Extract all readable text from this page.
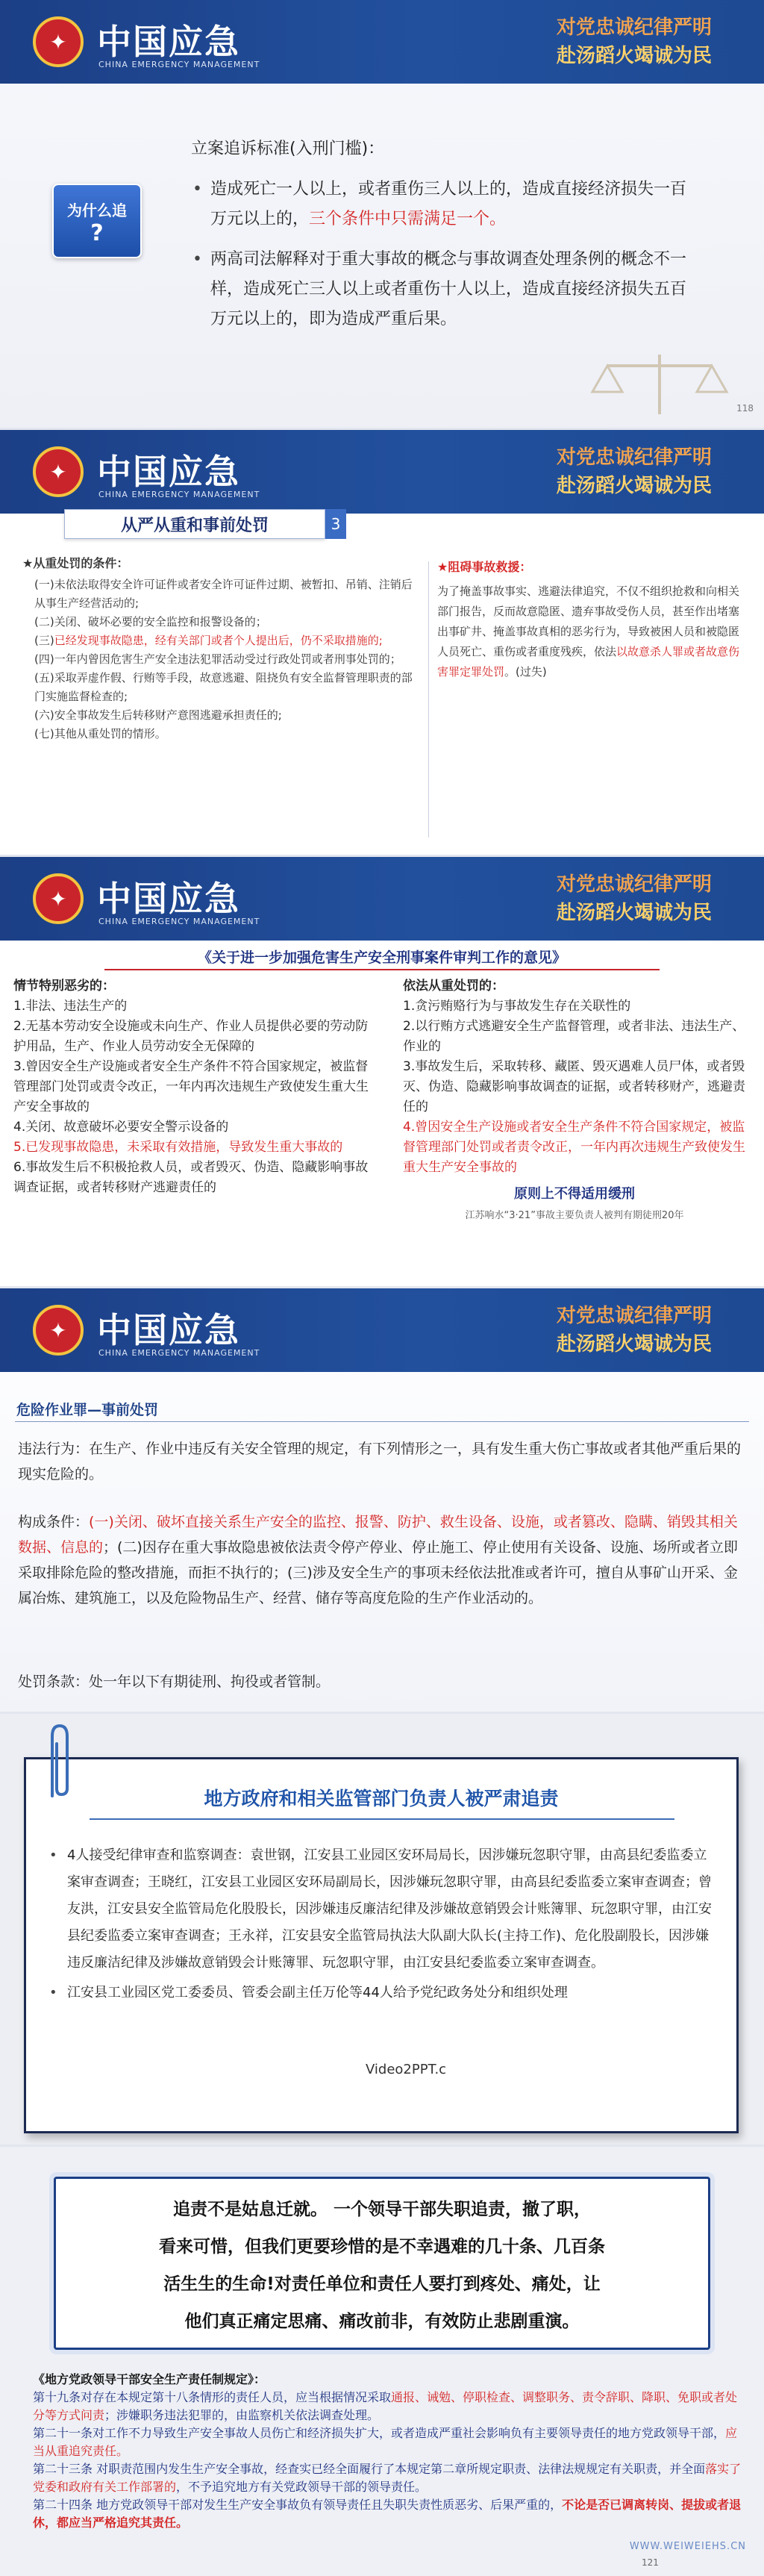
✦ 中国应急
CHINA EMERGENCY MANAGEMENT
对党忠诚纪律严明
赴汤蹈火竭诚为民
为什么追
?
立案追诉标准(入刑门槛)：
• 造成死亡一人以上，或者重伤三人以上的，造成直接经济损失一百万元以上的，三个条件中只需满足一个。
• 两高司法解释对于重大事故的概念与事故调查处理条例的概念不一样，造成死亡三人以上或者重伤十人以上，造成直接经济损失五百万元以上的，即为造成严重后果。
118
✦ 中国应急
CHINA EMERGENCY MANAGEMENT
对党忠诚纪律严明
赴汤蹈火竭诚为民
从严从重和事前处罚	3
★从重处罚的条件：
(一)未依法取得安全许可证件或者安全许可证件过期、被暂扣、吊销、注销后从事生产经营活动的;
(二)关闭、破坏必要的安全监控和报警设备的；
(三)已经发现事故隐患，经有关部门或者个人提出后，仍不采取措施的;
(四)一年内曾因危害生产安全违法犯罪活动受过行政处罚或者刑事处罚的；
(五)采取弄虚作假、行贿等手段，故意逃避、阻挠负有安全监督管理职责的部门实施监督检查的;
(六)安全事故发生后转移财产意图逃避承担责任的;
(七)其他从重处罚的情形。
★阻碍事故救援：
为了掩盖事故事实、逃避法律追究，不仅不组织抢救和向相关部门报告，反而故意隐匿、遗弃事故受伤人员，甚至作出堵塞出事矿井、掩盖事故真相的恶劣行为，导致被困人员和被隐匿人员死亡、重伤或者重度残疾，依法以故意杀人罪或者故意伤害罪定罪处罚。(过失)
✦ 中国应急
CHINA EMERGENCY MANAGEMENT
对党忠诚纪律严明
赴汤蹈火竭诚为民
《关于进一步加强危害生产安全刑事案件审判工作的意见》
情节特别恶劣的：
1.非法、违法生产的
2.无基本劳动安全设施或未向生产、作业人员提供必要的劳动防护用品，生产、作业人员劳动安全无保障的
3.曾因安全生产设施或者安全生产条件不符合国家规定，被监督管理部门处罚或责令改正，一年内再次违规生产致使发生重大生产安全事故的
4.关闭、故意破坏必要安全警示设备的
5.已发现事故隐患，未采取有效措施，导致发生重大事故的
6.事故发生后不积极抢救人员，或者毁灭、伪造、隐藏影响事故调查证据，或者转移财产逃避责任的
依法从重处罚的：
1.贪污贿赂行为与事故发生存在关联性的
2.以行贿方式逃避安全生产监督管理，或者非法、违法生产、作业的
3.事故发生后，采取转移、藏匿、毁灭遇难人员尸体，或者毁灭、伪造、隐藏影响事故调查的证据，或者转移财产，逃避责任的
4.曾因安全生产设施或者安全生产条件不符合国家规定，被监督管理部门处罚或者责令改正，一年内再次违规生产致使发生重大生产安全事故的
原则上不得适用缓刑
江苏响水“3·21”事故主要负责人被判有期徒刑20年
✦ 中国应急
CHINA EMERGENCY MANAGEMENT
对党忠诚纪律严明
赴汤蹈火竭诚为民
危险作业罪—事前处罚
违法行为：在生产、作业中违反有关安全管理的规定，有下列情形之一，具有发生重大伤亡事故或者其他严重后果的现实危险的。
构成条件：(一)关闭、破坏直接关系生产安全的监控、报警、防护、救生设备、设施，或者篡改、隐瞒、销毁其相关数据、信息的；(二)因存在重大事故隐患被依法责令停产停业、停止施工、停止使用有关设备、设施、场所或者立即采取排除危险的整改措施，而拒不执行的；(三)涉及安全生产的事项未经依法批准或者许可，擅自从事矿山开采、金属冶炼、建筑施工，以及危险物品生产、经营、储存等高度危险的生产作业活动的。
处罚条款：处一年以下有期徒刑、拘役或者管制。
地方政府和相关监管部门负责人被严肃追责
• 4人接受纪律审查和监察调查：袁世钢，江安县工业园区安环局局长，因涉嫌玩忽职守罪，由高县纪委监委立案审查调查；王晓红，江安县工业园区安环局副局长，因涉嫌玩忽职守罪，由高县纪委监委立案审查调查；曾友洪，江安县安全监管局危化股股长，因涉嫌违反廉洁纪律及涉嫌故意销毁会计账簿罪、玩忽职守罪，由江安县纪委监委立案审查调查；王永祥，江安县安全监管局执法大队副大队长(主持工作)、危化股副股长，因涉嫌违反廉洁纪律及涉嫌故意销毁会计账簿罪、玩忽职守罪，由江安县纪委监委立案审查调查。
• 江安县工业园区党工委委员、管委会副主任万伦等44人给予党纪政务处分和组织处理
Video2PPT.c
追责不是姑息迁就。 一个领导干部失职追责，撤了职，
看来可惜，但我们更要珍惜的是不幸遇难的几十条、几百条
活生生的生命!对责任单位和责任人要打到疼处、痛处，让
他们真正痛定思痛、痛改前非，有效防止悲剧重演。
《地方党政领导干部安全生产责任制规定》：
第十九条对存在本规定第十八条情形的责任人员，应当根据情况采取通报、诫勉、停职检查、调整职务、责令辞职、降职、免职或者处分等方式问责；涉嫌职务违法犯罪的，由监察机关依法调查处理。
第二十一条对工作不力导致生产安全事故人员伤亡和经济损失扩大，或者造成严重社会影响负有主要领导责任的地方党政领导干部，应当从重追究责任。
第二十三条 对职责范围内发生生产安全事故，经查实已经全面履行了本规定第二章所规定职责、法律法规规定有关职责，并全面落实了党委和政府有关工作部署的，不予追究地方有关党政领导干部的领导责任。
第二十四条 地方党政领导干部对发生生产安全事故负有领导责任且失职失责性质恶劣、后果严重的，不论是否已调离转岗、提拔或者退休，都应当严格追究其责任。
121
WWW.WEIWEIEHS.CN
